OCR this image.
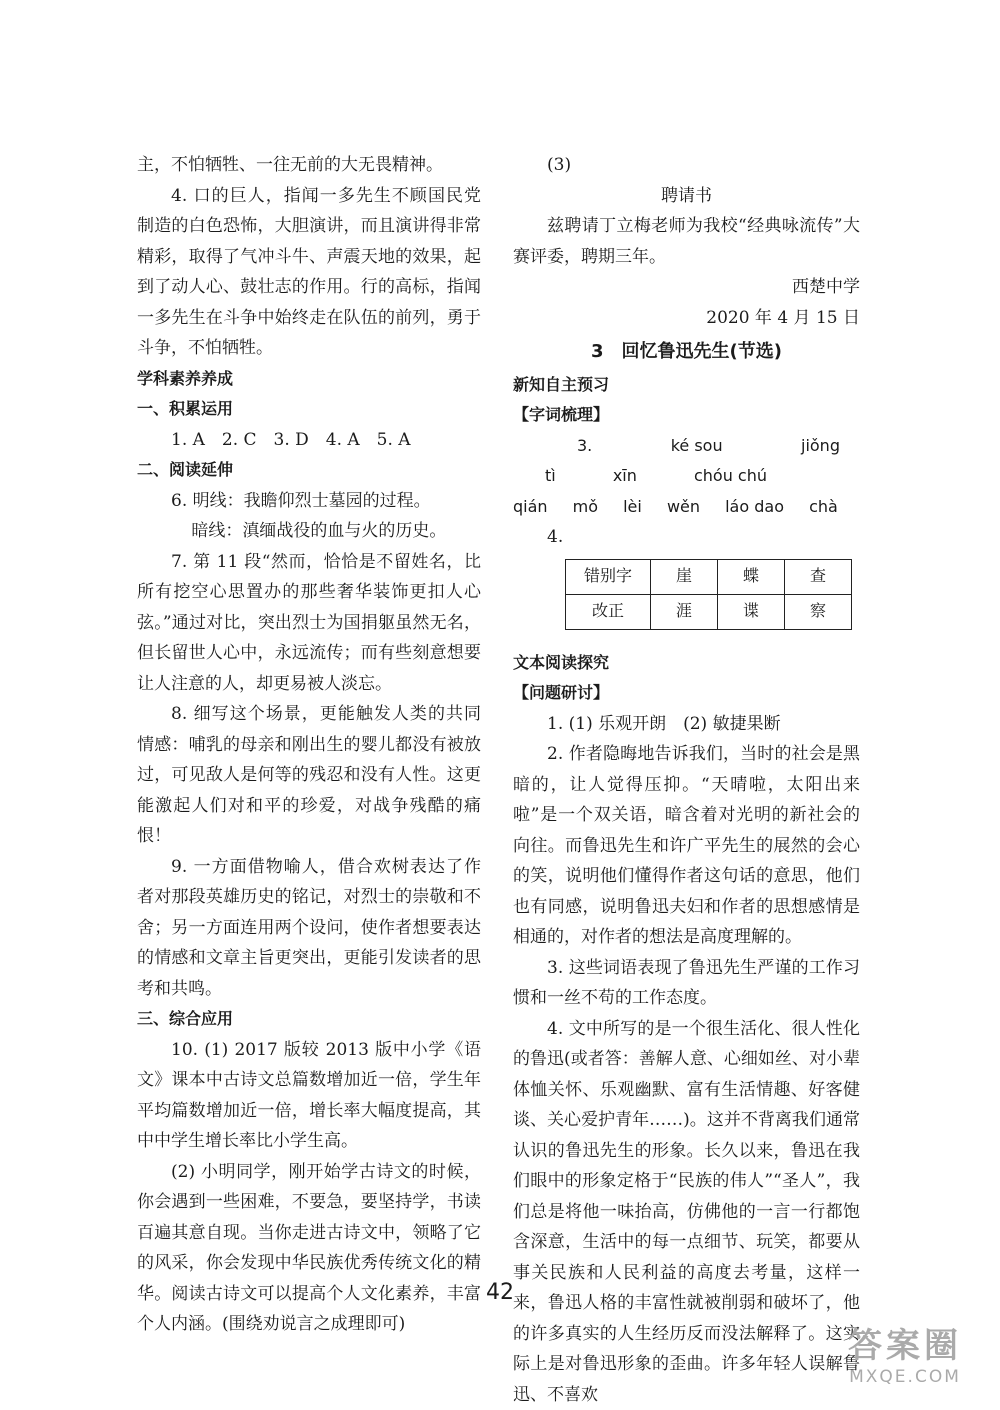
主，不怕牺牲、一往无前的大无畏精神。

4. 口的巨人，指闻一多先生不顾国民党制造的白色恐怖，大胆演讲，而且演讲得非常精彩，取得了气冲斗牛、声震天地的效果，起到了动人心、鼓壮志的作用。行的高标，指闻一多先生在斗争中始终走在队伍的前列，勇于斗争，不怕牺牲。

学科素养养成

一、积累运用

1. A　2. C　3. D　4. A　5. A

二、阅读延伸

6. 明线：我瞻仰烈士墓园的过程。

暗线：滇缅战役的血与火的历史。

7. 第 11 段“然而，恰恰是不留姓名，比所有挖空心思置办的那些奢华装饰更扣人心弦。”通过对比，突出烈士为国捐躯虽然无名，但长留世人心中，永远流传；而有些刻意想要让人注意的人，却更易被人淡忘。

8. 细写这个场景，更能触发人类的共同情感：哺乳的母亲和刚出生的婴儿都没有被放过，可见敌人是何等的残忍和没有人性。这更能激起人们对和平的珍爱，对战争残酷的痛恨！

9. 一方面借物喻人，借合欢树表达了作者对那段英雄历史的铭记，对烈士的崇敬和不舍；另一方面连用两个设问，使作者想要表达的情感和文章主旨更突出，更能引发读者的思考和共鸣。

三、综合应用

10. (1) 2017 版较 2013 版中小学《语文》课本中古诗文总篇数增加近一倍，学生年平均篇数增加近一倍，增长率大幅度提高，其中中学生增长率比小学生高。

(2) 小明同学，刚开始学古诗文的时候，你会遇到一些困难，不要急，要坚持学，书读百遍其意自现。当你走进古诗文中，领略了它的风采，你会发现中华民族优秀传统文化的精华。阅读古诗文可以提高个人文化素养，丰富个人内涵。(围绕劝说言之成理即可)

(3)

聘请书

兹聘请丁立梅老师为我校“经典咏流传”大赛评委，聘期三年。

西楚中学

2020 年 4 月 15 日

3　回忆鲁迅先生(节选)

新知自主预习

【字词梳理】

3.	ké sou	jiǒng tì	xīn	chóu chú

qián mǒ lèi wěn láo dao chà

4.

错别字	崖	蝶	查
改正	涯	谍	察

文本阅读探究

【问题研讨】

1. (1) 乐观开朗　(2) 敏捷果断

2. 作者隐晦地告诉我们，当时的社会是黑暗的，让人觉得压抑。“天晴啦，太阳出来啦”是一个双关语，暗含着对光明的新社会的向往。而鲁迅先生和许广平先生的展然的会心的笑，说明他们懂得作者这句话的意思，他们也有同感，说明鲁迅夫妇和作者的思想感情是相通的，对作者的想法是高度理解的。

3. 这些词语表现了鲁迅先生严谨的工作习惯和一丝不苟的工作态度。

4. 文中所写的是一个很生活化、很人性化的鲁迅(或者答：善解人意、心细如丝、对小辈体恤关怀、乐观幽默、富有生活情趣、好客健谈、关心爱护青年……)。这并不背离我们通常认识的鲁迅先生的形象。长久以来，鲁迅在我们眼中的形象定格于“民族的伟人”“圣人”，我们总是将他一味抬高，仿佛他的一言一行都饱含深意，生活中的每一点细节、玩笑，都要从事关民族和人民利益的高度去考量，这样一来，鲁迅人格的丰富性就被削弱和破坏了，他的许多真实的人生经历反而没法解释了。这实际上是对鲁迅形象的歪曲。许多年轻人误解鲁迅、不喜欢

42
答案圈
MXQE.COM
